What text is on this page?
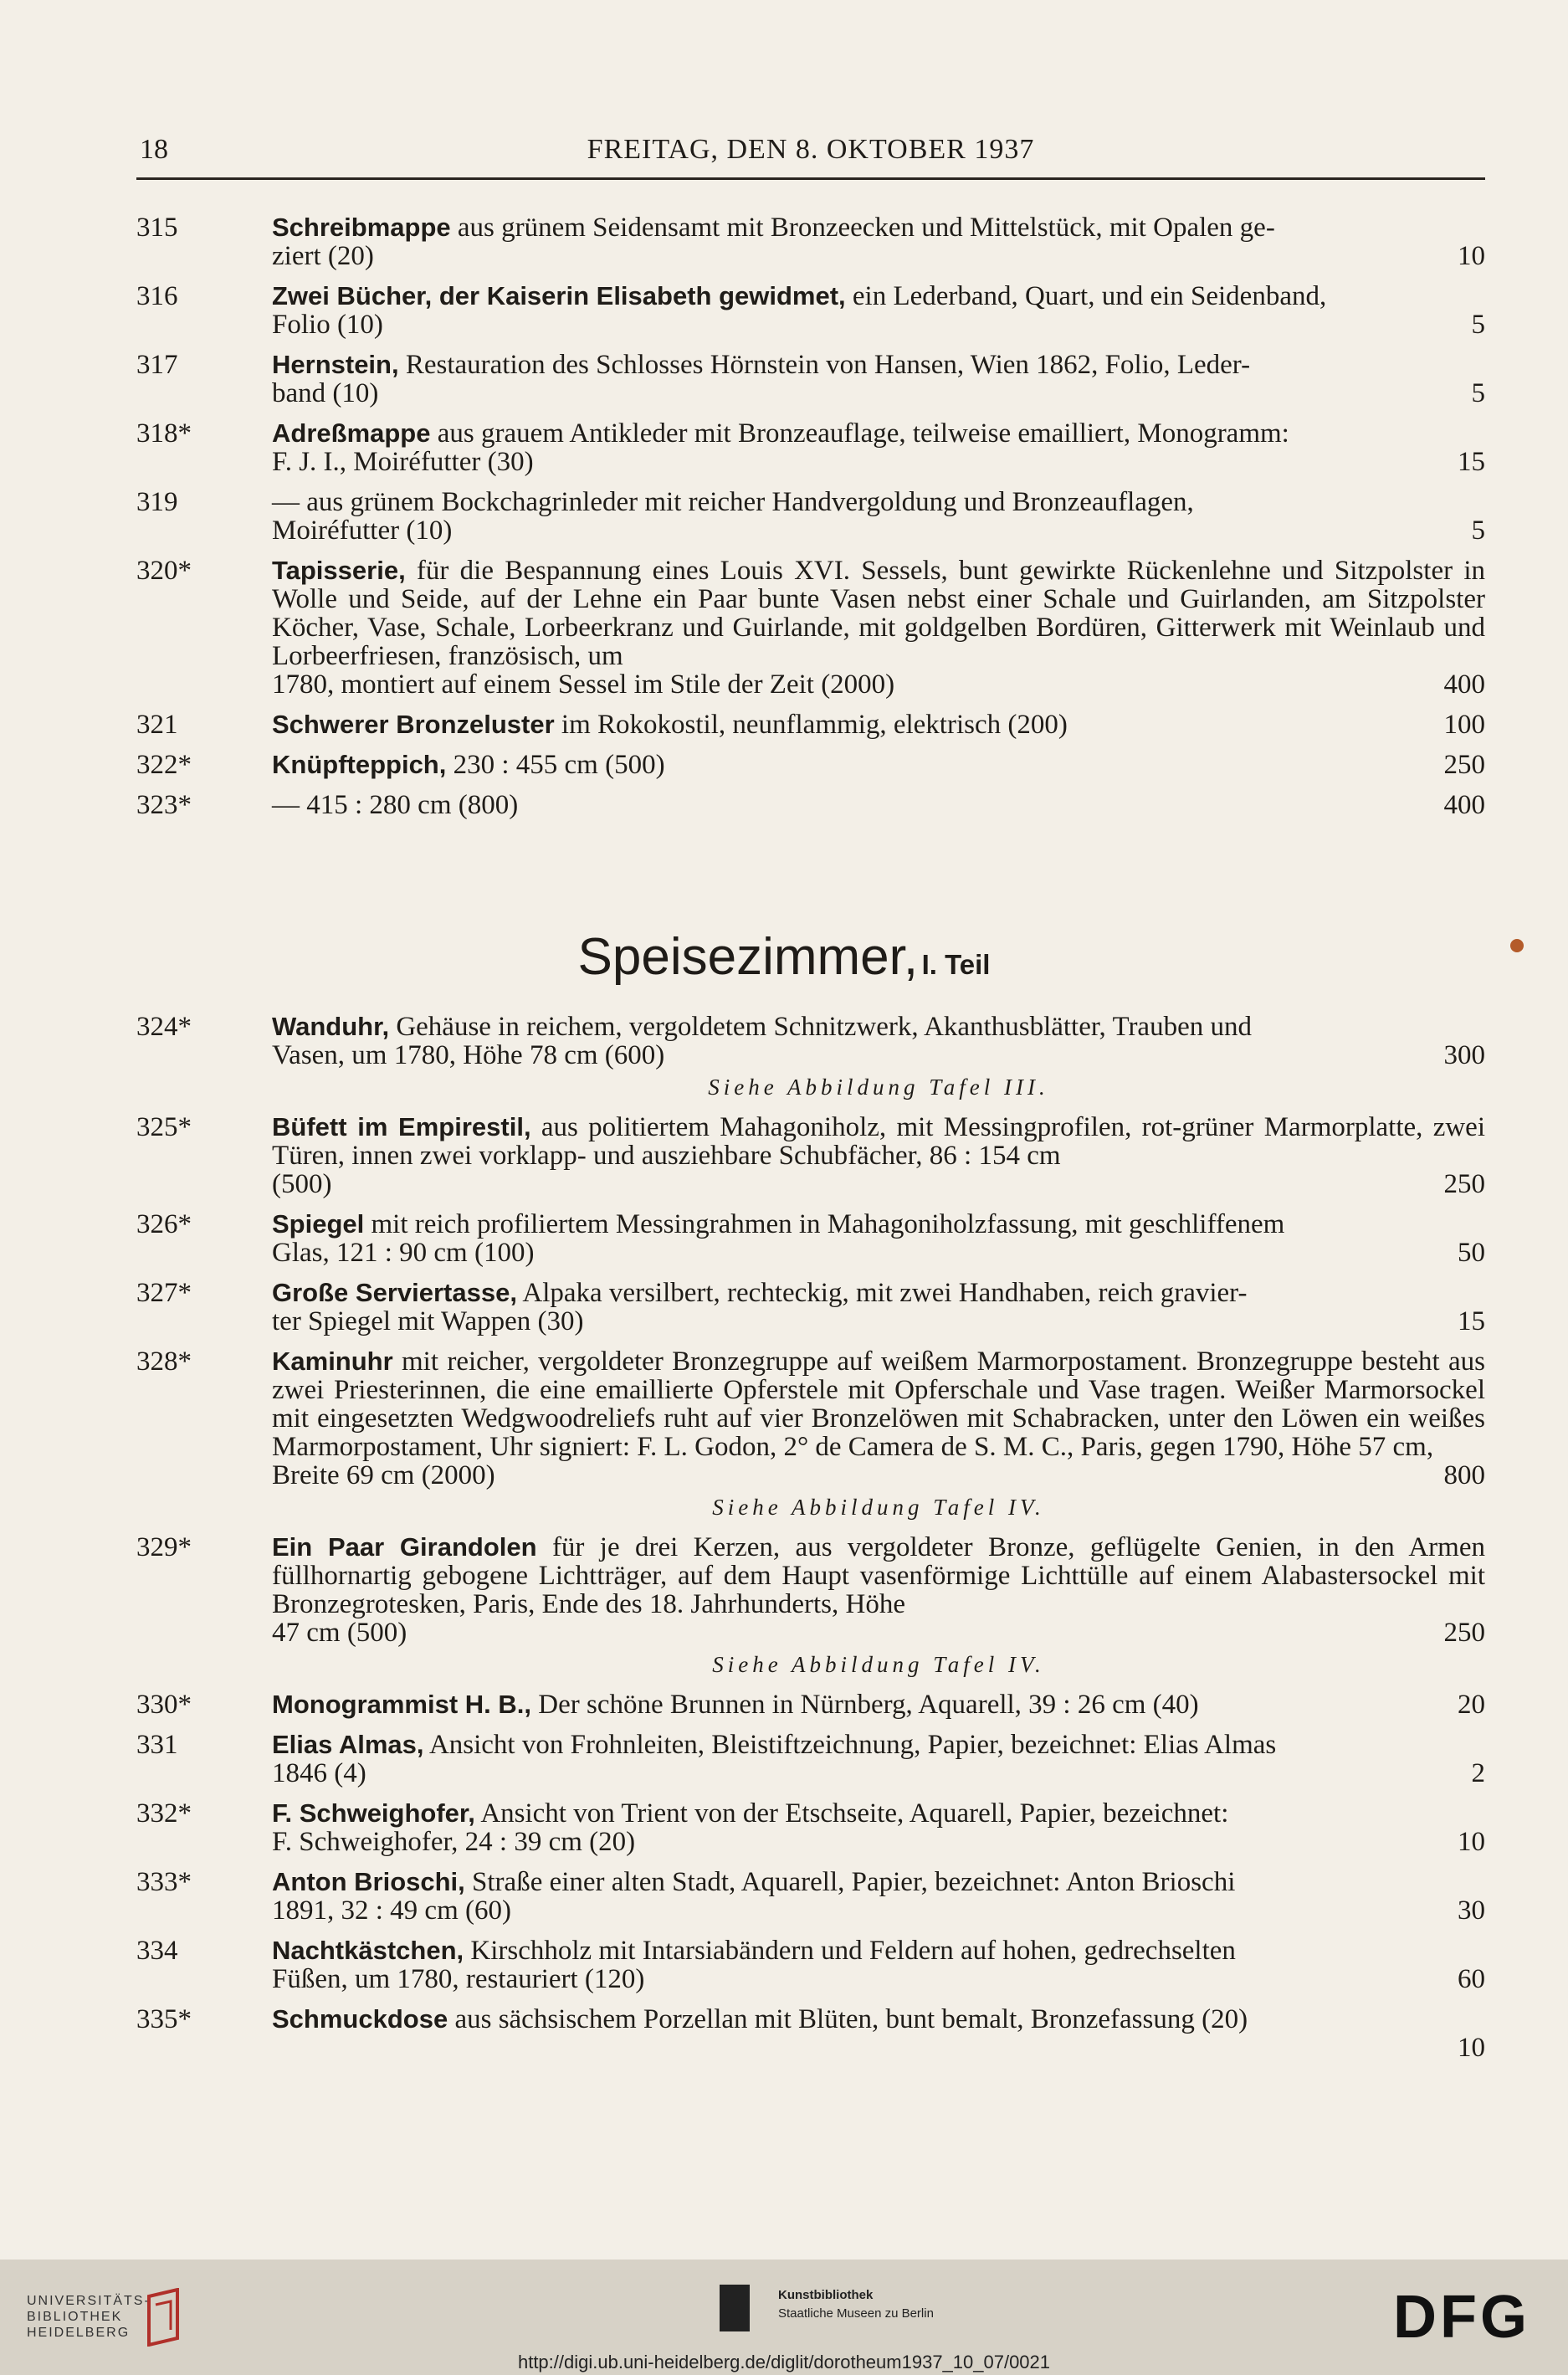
18	FREITAG, DEN 8. OKTOBER 1937
315	Schreibmappe aus grünem Seidensamt mit Bronzeecken und Mittelstück, mit Opalen ge-
ziert (20)	10
316	Zwei Bücher, der Kaiserin Elisabeth gewidmet, ein Lederband, Quart, und ein Seidenband,
Folio (10)	5
317	Hernstein, Restauration des Schlosses Hörnstein von Hansen, Wien 1862, Folio, Leder-
band (10)	5
318*	Adreßmappe aus grauem Antikleder mit Bronzeauflage, teilweise emailliert, Monogramm:
F. J. I., Moiréfutter (30)	15
319	— aus grünem Bockchagrinleder mit reicher Handvergoldung und Bronzeauflagen,
Moiréfutter (10)	5
320*	Tapisserie, für die Bespannung eines Louis XVI. Sessels, bunt gewirkte Rückenlehne und Sitzpolster in Wolle und Seide, auf der Lehne ein Paar bunte Vasen nebst einer Schale und Guirlanden, am Sitzpolster Köcher, Vase, Schale, Lorbeerkranz und Guirlande, mit goldgelben Bordüren, Gitterwerk mit Weinlaub und Lorbeerfriesen, französisch, um
1780, montiert auf einem Sessel im Stile der Zeit (2000)	400
321	Schwerer Bronzeluster im Rokokostil, neunflammig, elektrisch (200)	100
322*	Knüpfteppich, 230 : 455 cm (500)	250
323*	— 415 : 280 cm (800)	400
Speisezimmer, I. Teil
324*	Wanduhr, Gehäuse in reichem, vergoldetem Schnitzwerk, Akanthusblätter, Trauben und
Vasen, um 1780, Höhe 78 cm (600)	300
Siehe Abbildung Tafel III.
325*	Büfett im Empirestil, aus politiertem Mahagoniholz, mit Messingprofilen, rot-grüner Marmorplatte, zwei Türen, innen zwei vorklapp- und ausziehbare Schubfächer, 86 : 154 cm
(500)	250
326*	Spiegel mit reich profiliertem Messingrahmen in Mahagoniholzfassung, mit geschliffenem
Glas, 121 : 90 cm (100)	50
327*	Große Serviertasse, Alpaka versilbert, rechteckig, mit zwei Handhaben, reich gravier-
ter Spiegel mit Wappen (30)	15
328*	Kaminuhr mit reicher, vergoldeter Bronzegruppe auf weißem Marmorpostament. Bronzegruppe besteht aus zwei Priesterinnen, die eine emaillierte Opferstele mit Opferschale und Vase tragen. Weißer Marmorsockel mit eingesetzten Wedgwoodreliefs ruht auf vier Bronzelöwen mit Schabracken, unter den Löwen ein weißes Marmorpostament, Uhr signiert: F. L. Godon, 2° de Camera de S. M. C., Paris, gegen 1790, Höhe 57 cm,
Breite 69 cm (2000)	800
Siehe Abbildung Tafel IV.
329*	Ein Paar Girandolen für je drei Kerzen, aus vergoldeter Bronze, geflügelte Genien, in den Armen füllhornartig gebogene Lichtträger, auf dem Haupt vasenförmige Lichttülle auf einem Alabastersockel mit Bronzegrotesken, Paris, Ende des 18. Jahrhunderts, Höhe
47 cm (500)	250
Siehe Abbildung Tafel IV.
330*	Monogrammist H. B., Der schöne Brunnen in Nürnberg, Aquarell, 39 : 26 cm (40)	20
331	Elias Almas, Ansicht von Frohnleiten, Bleistiftzeichnung, Papier, bezeichnet: Elias Almas
1846 (4)	2
332*	F. Schweighofer, Ansicht von Trient von der Etschseite, Aquarell, Papier, bezeichnet:
F. Schweighofer, 24 : 39 cm (20)	10
333*	Anton Brioschi, Straße einer alten Stadt, Aquarell, Papier, bezeichnet: Anton Brioschi
1891, 32 : 49 cm (60)	30
334	Nachtkästchen, Kirschholz mit Intarsiabändern und Feldern auf hohen, gedrechselten
Füßen, um 1780, restauriert (120)	60
335*	Schmuckdose aus sächsischem Porzellan mit Blüten, bunt bemalt, Bronzefassung (20)
10
UNIVERSITÄTS-
BIBLIOTHEK
HEIDELBERG
Kunstbibliothek
Staatliche Museen zu Berlin	DFG
http://digi.ub.uni-heidelberg.de/diglit/dorotheum1937_10_07/0021
